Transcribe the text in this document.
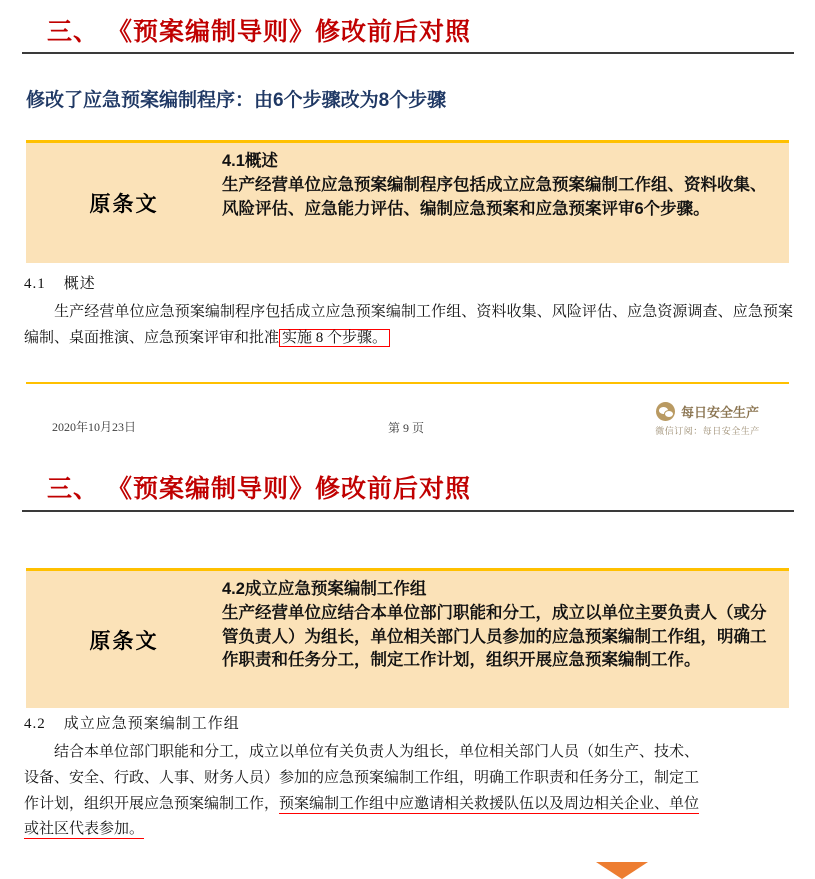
三、 《预案编制导则》修改前后对照
修改了应急预案编制程序：由6个步骤改为8个步骤
原条文
4.1概述
生产经营单位应急预案编制程序包括成立应急预案编制工作组、资料收集、风险评估、应急能力评估、编制应急预案和应急预案评审6个步骤。
4.1 概述
生产经营单位应急预案编制程序包括成立应急预案编制工作组、资料收集、风险评估、应急资源调查、应急预案编制、桌面推演、应急预案评审和批准 实施 8 个步骤。
2020年10月23日	第 9 页
每日安全生产
微信订阅：每日安全生产
三、 《预案编制导则》修改前后对照
原条文
4.2成立应急预案编制工作组
生产经营单位应结合本单位部门职能和分工，成立以单位主要负责人（或分管负责人）为组长，单位相关部门人员参加的应急预案编制工作组，明确工作职责和任务分工，制定工作计划，组织开展应急预案编制工作。
4.2 成立应急预案编制工作组
结合本单位部门职能和分工，成立以单位有关负责人为组长，单位相关部门人员（如生产、技术、
设备、安全、行政、人事、财务人员）参加的应急预案编制工作组，明确工作职责和任务分工，制定工
作计划，组织开展应急预案编制工作，预案编制工作组中应邀请相关救援队伍以及周边相关企业、单位
或社区代表参加。
